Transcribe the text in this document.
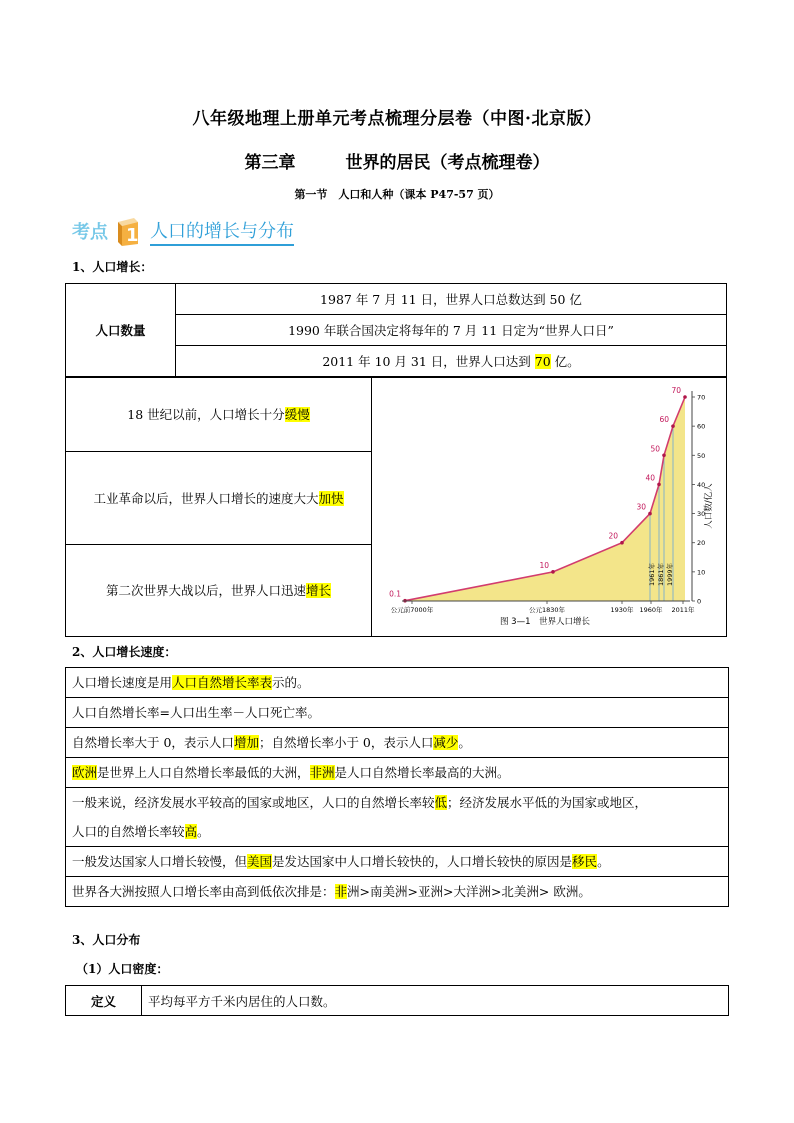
八年级地理上册单元考点梳理分层卷（中图·北京版）
第三章	世界的居民（考点梳理卷）
第一节　人口和人种（课本 P47-57 页）
考点 1 人口的增长与分布
1、人口增长：
人口数量	1987 年 7 月 11 日，世界人口总数达到 50 亿
1990 年联合国决定将每年的 7 月 11 日定为“世界人口日”
2011 年 10 月 31 日，世界人口达到 70 亿。
18 世纪以前，人口增长十分缓慢	
图 3—1　世界人口增长
人口数/亿人
1961年 1861年 1999年
0.1
10
20
30
40
50
60
70
公元前7000年	公元1830年	1930年 1960年 2011年
0
10
20
30
40
50
60
70

工业革命以后，世界人口增长的速度大大加快
第二次世界大战以后，世界人口迅速增长
2、人口增长速度：
人口增长速度是用人口自然增长率表示的。
人口自然增长率=人口出生率－人口死亡率。
自然增长率大于 0，表示人口增加；自然增长率小于 0，表示人口减少。
欧洲是世界上人口自然增长率最低的大洲，非洲是人口自然增长率最高的大洲。
一般来说，经济发展水平较高的国家或地区，人口的自然增长率较低；经济发展水平低的为国家或地区，
人口的自然增长率较高。
一般发达国家人口增长较慢，但美国是发达国家中人口增长较快的，人口增长较快的原因是移民。
世界各大洲按照人口增长率由高到低依次排是：非洲>南美洲>亚洲>大洋洲>北美洲> 欧洲。
3、人口分布
（1）人口密度：
定义	平均每平方千米内居住的人口数。
